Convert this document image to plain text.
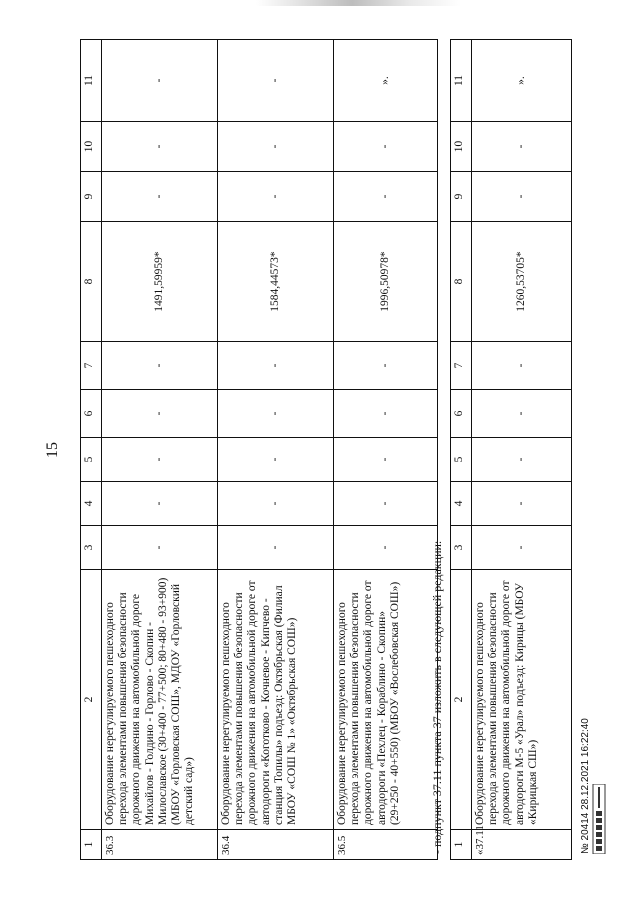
15
1	2	3	4	5	6	7	8	9	10	11
36.3	Оборудование нерегулируемого пешеходного перехода элементами повышения безопасности дорожного движения на автомобильной дороге Михайлов - Голдино - Горлово - Скопин - Милославское (30+400 - 77+500; 80+480 - 93+900) (МБОУ «Горловская СОШ», МДОУ «Горловский детский сад»)	-	-	-	-	-	1491,59959*	-	-	-
36.4	Оборудование нерегулируемого пешеходного перехода элементами повышения безопасности дорожного движения на автомобильной дороге от автодороги «Коготково - Кочневое - Кипчево - станция Топилы» подъезд: Октябрьская (Филиал МБОУ «СОШ № 1» «Октябрьская СОШ»)	-	-	-	-	-	1584,44573*	-	-	-
36.5	Оборудование нерегулируемого пешеходного перехода элементами повышения безопасности дорожного движения на автомобильной дороге от автодороги «Пехлец - Кораблино - Скопин» (29+250 - 40+550) (МБОУ «Вослебовская СОШ»)	-	-	-	-	-	1996,50978*	-	-	».
- подпункт 37.11 пункта 37 изложить в следующей редакции: 1	2	3	4	5	6	7	8	9	10	11
«37.11	Оборудование нерегулируемого пешеходного перехода элементами повышения безопасности дорожного движения на автомобильной дороге от автодороги М-5 «Урал» подъезд: Кирицы (МБОУ «Кирицкая СШ»)	-	-	-	-	-	1260,53705*	-	-	».
№ 20414 28.12.2021 16:22:40
